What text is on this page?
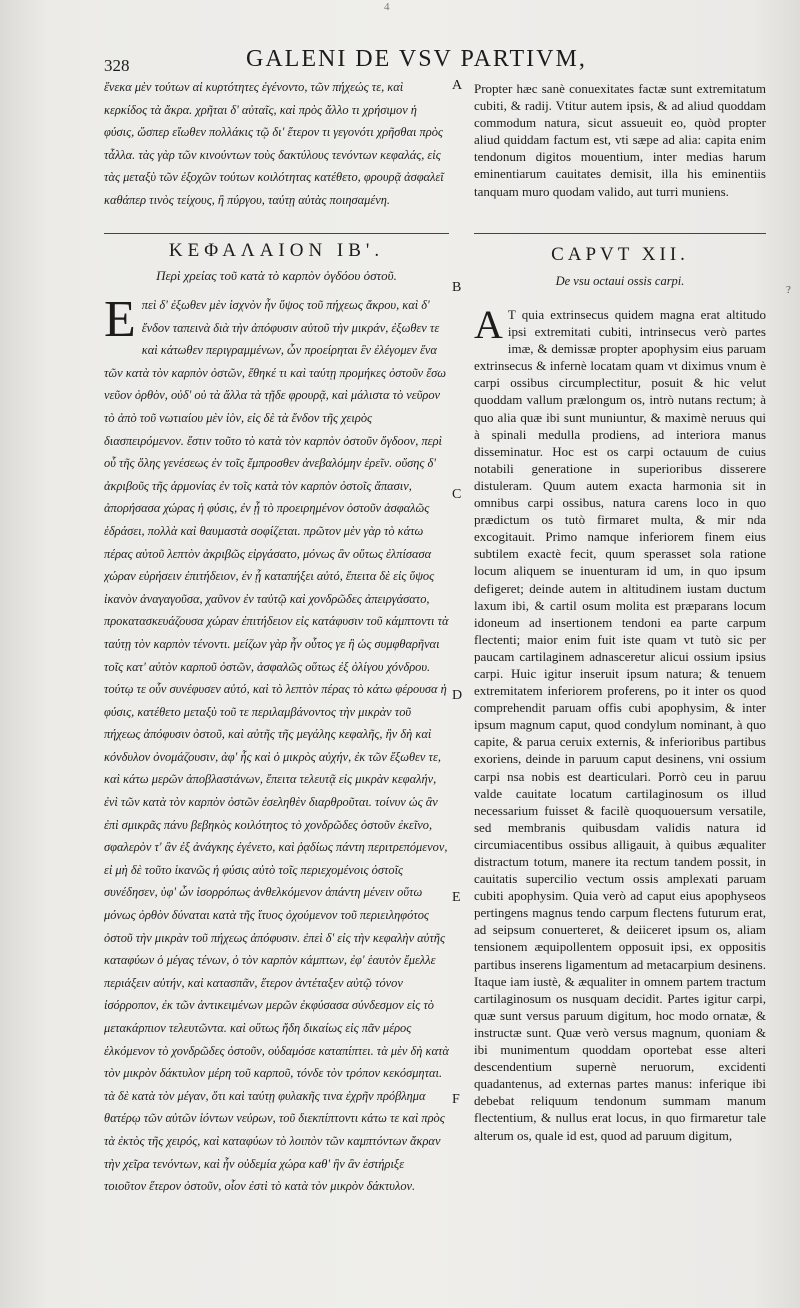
4
328	GALENI DE VSV PARTIVM,

ἕνεκα μὲν τούτων αἱ κυρτότητες ἐγένοντο, τῶν πήχεώς τε, καὶ κερκίδος τὰ ἄκρα. χρῆται δ' αὐταῖς, καὶ πρὸς ἄλλο τι χρήσιμον ἡ φύσις, ὥσπερ εἴωθεν πολλάκις τῷ δι' ἕτερον τι γεγονότι χρῆσθαι πρὸς τἆλλα. τὰς γὰρ τῶν κινούντων τοὺς δακτύλους τενόντων κεφαλάς, εἰς τὰς μεταξὺ τῶν ἐξοχῶν τούτων κοιλότητας κατέθετο, φρουρᾷ ἀσφαλεῖ καθάπερ τινὸς τείχους, ἢ πύργου, ταύτῃ αὐτὰς ποιησαμένη.

Propter hæc sanè conuexitates factæ sunt extremitatum cubiti, & radij. Vtitur autem ipsis, & ad aliud quoddam commodum natura, sicut assueuit eo, quòd propter aliud quiddam factum est, vti sæpe ad alia: capita enim tendonum digitos mouentium, inter medias harum eminentiarum cauitates demisit, illa his eminentiis tanquam muro quodam valido, aut turri muniens.

ΚΕΦΑΛΑΙΟΝ ΙΒ'.
Περὶ χρείας τοῦ κατὰ τὸ καρπὸν ὀγδόου ὀστοῦ.
CAPVT XII.
De vsu octaui ossis carpi.
Ε πεὶ δ' ἐξωθεν μὲν ἰσχνὸν ἦν ὕψος τοῦ πήχεως ἄκρου, καὶ δ' ἔνδον ταπεινὰ διὰ τὴν ἀπόφυσιν αὐτοῦ τὴν μικράν, ἐξωθεν τε καὶ κάτωθεν περιγραμμένων, ὧν προείρηται ἓν ἐλέγομεν ἕνα τῶν κατὰ τὸν καρπὸν ὀστῶν, ἔθηκέ τι καὶ ταύτῃ προμήκες ὀστοῦν ἔσω νεῦον ὀρθὸν, οὐδ' οὐ τὰ ἄλλα τὰ τῇδε φρουρᾷ, καὶ μάλιστα τὸ νεῦρον τὸ ἀπὸ τοῦ νωτιαίου μὲν ἰὸν, εἰς δὲ τὰ ἔνδον τῆς χειρὸς διασπειρόμενον. ἔστιν τοῦτο τὸ κατὰ τὸν καρπὸν ὀστοῦν ὄγδοον, περὶ οὗ τῆς ὅλης γενέσεως ἐν τοῖς ἔμπροσθεν ἀνεβαλόμην ἐρεῖν. οὔσης δ' ἀκριβοῦς τῆς ἁρμονίας ἐν τοῖς κατὰ τὸν καρπὸν ὀστοῖς ἅπασιν, ἀπορήσασα χώρας ἡ φύσις, ἐν ᾗ τὸ προειρημένον ὀστοῦν ἀσφαλῶς ἑδράσει, πολλὰ καὶ θαυμαστὰ σοφίζεται. πρῶτον μὲν γὰρ τὸ κάτω πέρας αὐτοῦ λεπτὸν ἀκριβῶς εἰργάσατο, μόνως ἂν οὕτως ἐλπίσασα χώραν εὑρήσειν ἐπιτήδειον, ἐν ᾗ καταπήξει αὐτό, ἔπειτα δὲ εἰς ὕψος ἱκανὸν ἀναγαγοῦσα, χαῦνον ἐν ταὐτῷ καὶ χονδρῶδες ἀπειργάσατο, προκατασκευάζουσα χώραν ἐπιτήδειον εἰς κατάφυσιν τοῦ κάμπτοντι τὰ ταύτῃ τὸν καρπὸν τένοντι. μείζων γὰρ ἦν οὗτος γε ἢ ὡς συμφθαρῆναι τοῖς κατ' αὐτὸν καρποῦ ὀστῶν, ἀσφαλῶς οὕτως ἐξ ὀλίγου χόνδρου. τούτῳ τε οὖν συνέφυσεν αὐτό, καὶ τὸ λεπτὸν πέρας τὸ κάτω φέρουσα ἡ φύσις, κατέθετο μεταξὺ τοῦ τε περιλαμβάνοντος τὴν μικρὰν τοῦ πήχεως ἀπόφυσιν ὀστοῦ, καὶ αὐτῆς τῆς μεγάλης κεφαλῆς, ἣν δὴ καὶ κόνδυλον ὀνομάζουσιν, ἀφ' ἧς καὶ ὁ μικρὸς αὐχήν, ἐκ τῶν ἔξωθεν τε, καὶ κάτω μερῶν ἀποβλαστάνων, ἔπειτα τελευτᾷ εἰς μικρὰν κεφαλήν, ἐνὶ τῶν κατὰ τὸν καρπὸν ὀστῶν ἐσεληθὲν διαρθροῦται. τοίνυν ὡς ἂν ἐπὶ σμικρᾶς πάνυ βεβηκὸς κοιλότητος τὸ χονδρῶδες ὀστοῦν ἐκεῖνο, σφαλερὸν τ' ἂν ἐξ ἀνάγκης ἐγένετο, καὶ ῥᾳδίως πάντη περιτρεπόμενον, εἰ μὴ δὲ τοῦτο ἱκανῶς ἡ φύσις αὐτὸ τοῖς περιεχομένοις ὀστοῖς συνέδησεν, ὑφ' ὧν ἰσορρόπως ἀνθελκόμενον ἁπάντη μένειν οὕτω μόνως ὀρθὸν δύναται κατὰ τῆς ἴτυος ὀχούμενον τοῦ περιειληφότος ὀστοῦ τὴν μικρὰν τοῦ πήχεως ἀπόφυσιν. ἐπεὶ δ' εἰς τὴν κεφαλὴν αὐτῆς καταφύων ὁ μέγας τένων, ὁ τὸν καρπὸν κάμπτων, ἐφ' ἑαυτὸν ἔμελλε περιάξειν αὐτήν, καὶ κατασπᾶν, ἕτερον ἀντέταξεν αὐτῷ τόνον ἰσόρροπον, ἐκ τῶν ἀντικειμένων μερῶν ἐκφύσασα σύνδεσμον εἰς τὸ μετακάρπιον τελευτῶντα. καὶ οὕτως ἤδη δικαίως εἰς πᾶν μέρος ἑλκόμενον τὸ χονδρῶδες ὀστοῦν, οὐδαμόσε καταπίπτει. τὰ μὲν δὴ κατὰ τὸν μικρὸν δάκτυλον μέρη τοῦ καρποῦ, τόνδε τὸν τρόπον κεκόσμηται. τὰ δὲ κατὰ τὸν μέγαν, ὅτι καὶ ταύτῃ φυλακῆς τινα ἐχρῆν πρόβλημα θατέρῳ τῶν αὐτῶν ἰόντων νεύρων, τοῦ διεκπίπτοντι κάτω τε καὶ πρὸς τὰ ἐκτὸς τῆς χειρός, καὶ καταφύων τὸ λοιπὸν τῶν καμπτόντων ἄκραν τὴν χεῖρα τενόντων, καὶ ἦν οὐδεμία χώρα καθ' ἣν ἂν ἐστήριξε τοιοῦτον ἕτερον ὀστοῦν, οἷον ἐστὶ τὸ κατὰ τὸν μικρὸν δάκτυλον.

A T quia extrinsecus quidem magna erat altitudo ipsi extremitati cubiti, intrinsecus verò partes imæ, & demissæ propter apophysim eius paruam extrinsecus & infernè locatam quam vt diximus vnum è carpi ossibus circumplectitur, posuit & hic velut quoddam vallum prælongum os, intrò nutans rectum; à quo alia quæ ibi sunt muniuntur, & maximè neruus qui à spinali medulla prodiens, ad interiora manus disseminatur. Hoc est os carpi octauum de cuius notabili generatione in superioribus disserere distuleram. Quum autem exacta harmonia sit in omnibus carpi ossibus, natura carens loco in quo prædictum os tutò firmaret multa, & mir nda excogitauit. Primo namque inferiorem finem eius subtilem exactè fecit, quum sperasset sola ratione locum aliquem se inuenturam id um, in quo ipsum defigeret; deinde autem in altitudinem iustam ductum laxum ibi, & cartil osum molita est præparans locum idoneum ad insertionem tendoni ea parte carpum flectenti; maior enim fuit iste quam vt tutò sic per paucam cartilaginem adnasceretur alicui ossium ipsius carpi. Huic igitur inseruit ipsum natura; & tenuem extremitatem inferiorem proferens, po it inter os quod comprehendit paruam offis cubi apophysim, & inter ipsum magnum caput, quod condylum nominant, à quo capite, & parua ceruix externis, & inferioribus partibus exoriens, deinde in paruum caput desinens, vni ossium carpi nsa nobis est dearticulari. Porrò ceu in paruu valde cauitate locatum cartilaginosum os illud necessarium fuisset & facilè quoquouersum versatile, sed membranis quibusdam validis natura id circumiacentibus ossibus alligauit, à quibus æqualiter distractum totum, manere ita rectum tandem possit, in cauitatis supercilio vectum ossis amplexati paruam cubiti apophysim. Quia verò ad caput eius apophyseos pertingens magnus tendo carpum flectens futurum erat, ad seipsum conuerteret, & deiiceret ipsum os, aliam tensionem æquipollentem opposuit ipsi, ex oppositis partibus inserens ligamentum ad metacarpium desinens. Itaque iam iustè, & æqualiter in omnem partem tractum cartilaginosum os nusquam decidit. Partes igitur carpi, quæ sunt versus paruum digitum, hoc modo ornatæ, & instructæ sunt. Quæ verò versus magnum, quoniam & ibi munimentum quoddam oportebat esse alteri descendentium supernè neruorum, excidenti quadantenus, ad externas partes manus: inferique ibi debebat reliquum tendonum summam manum flectentium, & nullus erat locus, in quo firmaretur tale alterum os, quale id est, quod ad paruum digitum,

A
B
C
D
E
F
?
